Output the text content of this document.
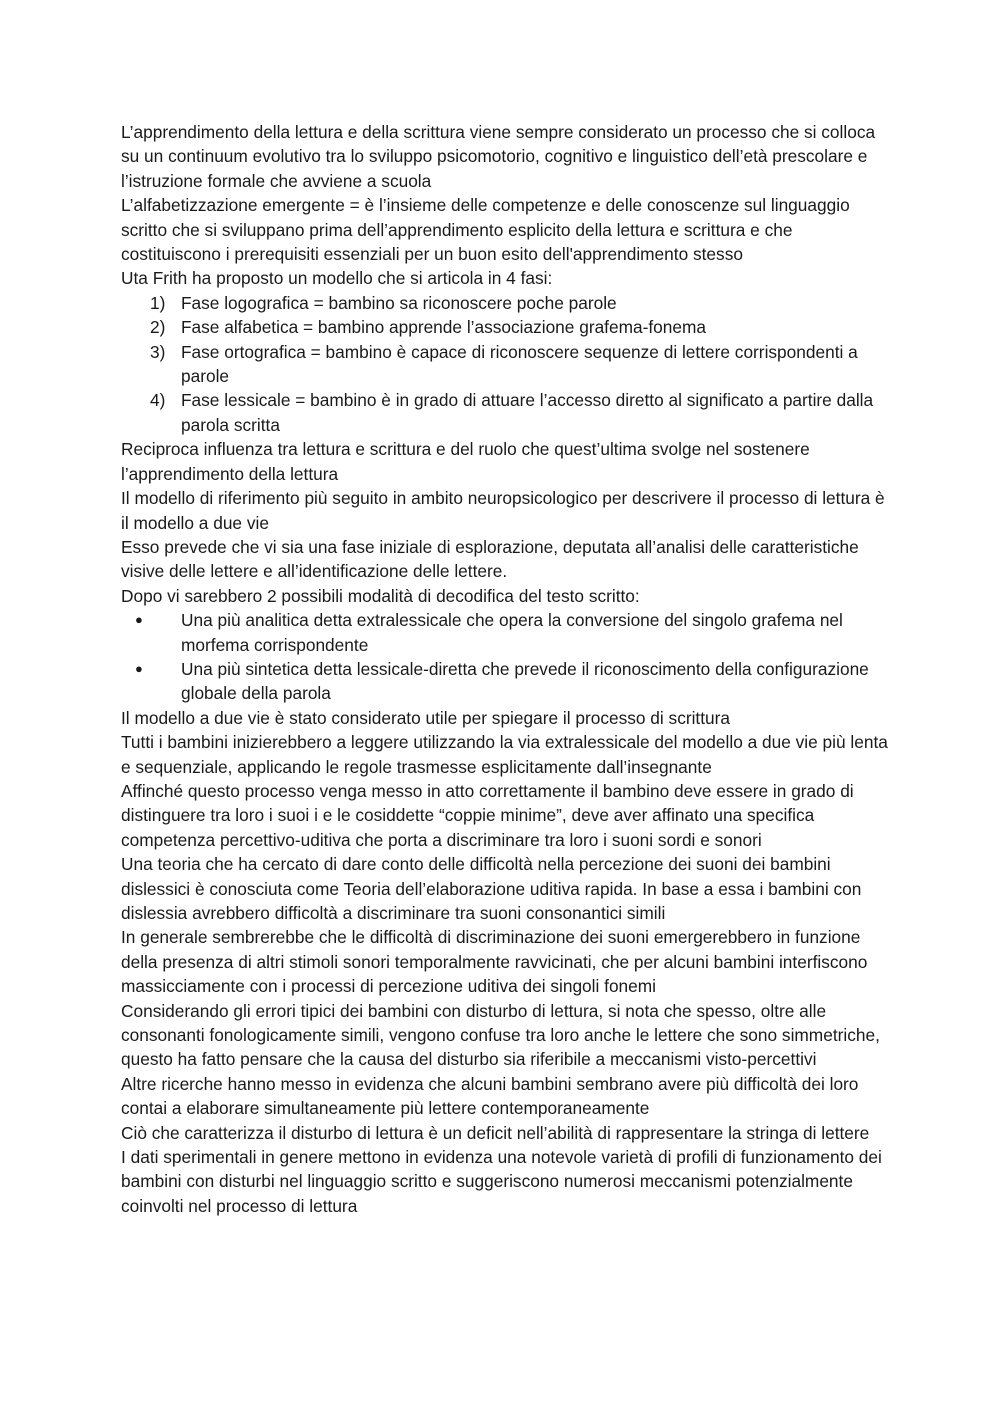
L’apprendimento della lettura e della scrittura viene sempre considerato un processo che si colloca su un continuum evolutivo tra lo sviluppo psicomotorio, cognitivo e linguistico dell’età prescolare e l’istruzione formale che avviene a scuola

L’alfabetizzazione emergente = è l’insieme delle competenze e delle conoscenze sul linguaggio scritto che si sviluppano prima dell’apprendimento esplicito della lettura e scrittura e che costituiscono i prerequisiti essenziali per un buon esito dell'apprendimento stesso

Uta Frith ha proposto un modello che si articola in 4 fasi:

1) Fase logografica = bambino sa riconoscere poche parole
2) Fase alfabetica = bambino apprende l’associazione grafema-fonema
3) Fase ortografica = bambino è capace di riconoscere sequenze di lettere corrispondenti a parole
4) Fase lessicale = bambino è in grado di attuare l’accesso diretto al significato a partire dalla parola scritta

Reciproca influenza tra lettura e scrittura e del ruolo che quest’ultima svolge nel sostenere l’apprendimento della lettura

Il modello di riferimento più seguito in ambito neuropsicologico per descrivere il processo di lettura è il modello a due vie

Esso prevede che vi sia una fase iniziale di esplorazione, deputata all’analisi delle caratteristiche visive delle lettere e all’identificazione delle lettere.

Dopo vi sarebbero 2 possibili modalità di decodifica del testo scritto:

●	Una più analitica detta extralessicale che opera la conversione del singolo grafema nel morfema corrispondente
●	Una più sintetica detta lessicale-diretta che prevede il riconoscimento della configurazione globale della parola

Il modello a due vie è stato considerato utile per spiegare il processo di scrittura

Tutti i bambini inizierebbero a leggere utilizzando la via extralessicale del modello a due vie più lenta e sequenziale, applicando le regole trasmesse esplicitamente dall’insegnante

Affinché questo processo venga messo in atto correttamente il bambino deve essere in grado di distinguere tra loro i suoi i e le cosiddette “coppie minime”, deve aver affinato una specifica competenza percettivo-uditiva che porta a discriminare tra loro i suoni sordi e sonori

Una teoria che ha cercato di dare conto delle difficoltà nella percezione dei suoni dei bambini dislessici è conosciuta come Teoria dell’elaborazione uditiva rapida. In base a essa i bambini con dislessia avrebbero difficoltà a discriminare tra suoni consonantici simili

In generale sembrerebbe che le difficoltà di discriminazione dei suoni emergerebbero in funzione della presenza di altri stimoli sonori temporalmente ravvicinati, che per alcuni bambini interfiscono massicciamente con i processi di percezione uditiva dei singoli fonemi

Considerando gli errori tipici dei bambini con disturbo di lettura, si nota che spesso, oltre alle consonanti fonologicamente simili, vengono confuse tra loro anche le lettere che sono simmetriche, questo ha fatto pensare che la causa del disturbo sia riferibile a meccanismi visto-percettivi

Altre ricerche hanno messo in evidenza che alcuni bambini sembrano avere più difficoltà dei loro contai a elaborare simultaneamente più lettere contemporaneamente

Ciò che caratterizza il disturbo di lettura è un deficit nell’abilità di rappresentare la stringa di lettere

I dati sperimentali in genere mettono in evidenza una notevole varietà di profili di funzionamento dei bambini con disturbi nel linguaggio scritto e suggeriscono numerosi meccanismi potenzialmente coinvolti nel processo di lettura
